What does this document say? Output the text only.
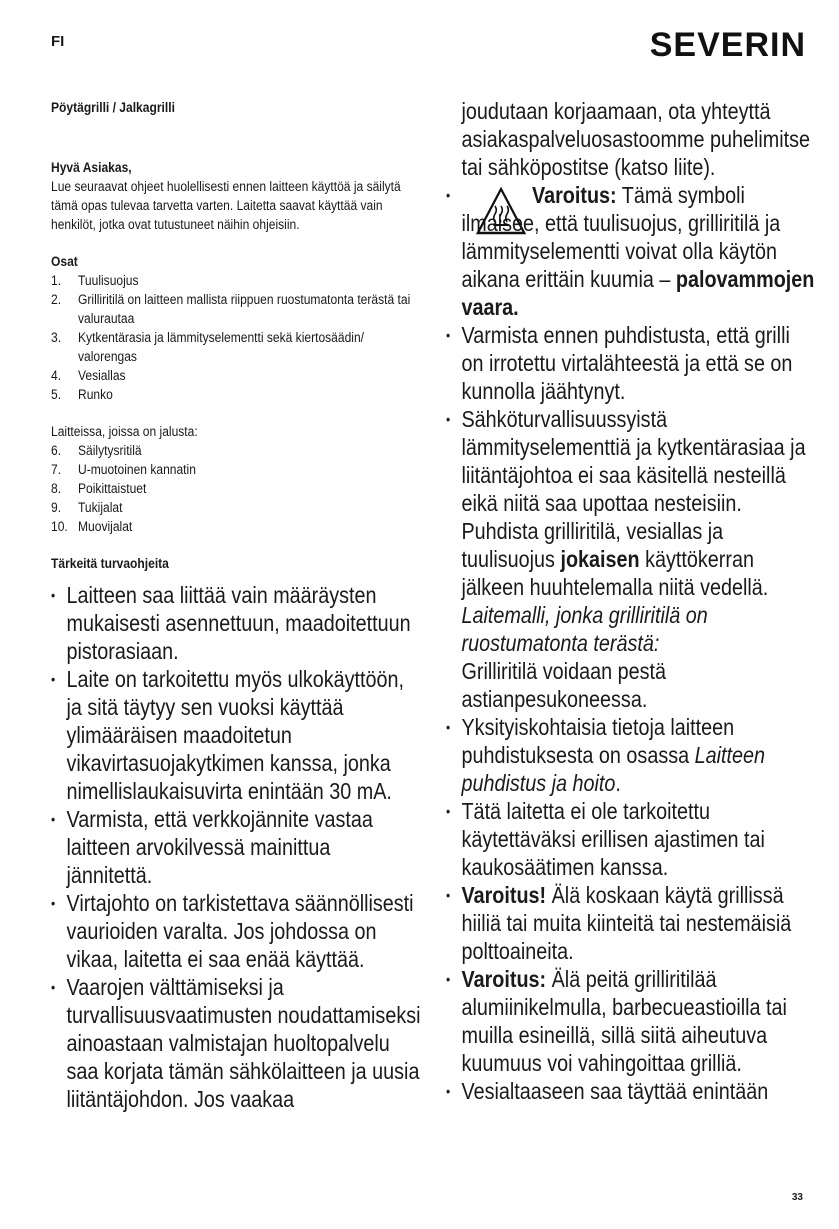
FI	SEVERIN
Pöytägrilli / Jalkagrilli
Hyvä Asiakas,
Lue seuraavat ohjeet huolellisesti ennen laitteen käyttöä ja säilytä tämä opas tulevaa tarvetta varten. Laitetta saavat käyttää vain henkilöt, jotka ovat tutustuneet näihin ohjeisiin.
Osat
1. Tuulisuojus
2. Grilliritilä on laitteen mallista riippuen ruostumatonta terästä tai valurautaa
3. Kytkentärasia ja lämmityselementti sekä kiertosäädin/ valorengas
4. Vesiallas
5. Runko
Laitteissa, joissa on jalusta:
6. Säilytysritilä
7. U-muotoinen kannatin
8. Poikittaistuet
9. Tukijalat
10. Muovijalat
Tärkeitä turvaohjeita
• Laitteen saa liittää vain määräysten mukaisesti asennettuun, maadoitettuun pistorasiaan.
• Laite on tarkoitettu myös ulkokäyttöön, ja sitä täytyy sen vuoksi käyttää ylimääräisen maadoitetun vikavirtasuojakytkimen kanssa, jonka nimellislaukaisuvirta enintään 30 mA.
• Varmista, että verkkojännite vastaa laitteen arvokilvessä mainittua jännitettä.
• Virtajohto on tarkistettava säännöllisesti vaurioiden varalta. Jos johdossa on vikaa, laitetta ei saa enää käyttää.
• Vaarojen välttämiseksi ja turvallisuusvaatimusten noudattamiseksi ainoastaan valmistajan huoltopalvelu saa korjata tämän sähkölaitteen ja uusia liitäntäjohdon. Jos vaakaa
joudutaan korjaamaan, ota yhteyttä asiakaspalveluosastoomme puhelimitse tai sähköpostitse (katso liite).
•	Varoitus: Tämä symboli ilmaisee, että tuulisuojus, grilliritilä ja lämmityselementti voivat olla käytön aikana erittäin kuumia – palovammojen vaara.
• Varmista ennen puhdistusta, että grilli on irrotettu virtalähteestä ja että se on kunnolla jäähtynyt.
• Sähköturvallisuussyistä lämmityselementtiä ja kytkentärasiaa ja liitäntäjohtoa ei saa käsitellä nesteillä eikä niitä saa upottaa nesteisiin.
Puhdista grilliritilä, vesiallas ja tuulisuojus jokaisen käyttökerran jälkeen huuhtelemalla niitä vedellä.
Laitemalli, jonka grilliritilä on ruostumatonta terästä:
Grilliritilä voidaan pestä astianpesukoneessa.
• Yksityiskohtaisia tietoja laitteen puhdistuksesta on osassa Laitteen puhdistus ja hoito.
• Tätä laitetta ei ole tarkoitettu käytettäväksi erillisen ajastimen tai kaukosäätimen kanssa.
• Varoitus! Älä koskaan käytä grillissä hiiliä tai muita kiinteitä tai nestemäisiä polttoaineita.
• Varoitus: Älä peitä grilliritilää alumiinikelmulla, barbecueastioilla tai muilla esineillä, sillä siitä aiheutuva kuumuus voi vahingoittaa grilliä.
• Vesialtaaseen saa täyttää enintään
33
